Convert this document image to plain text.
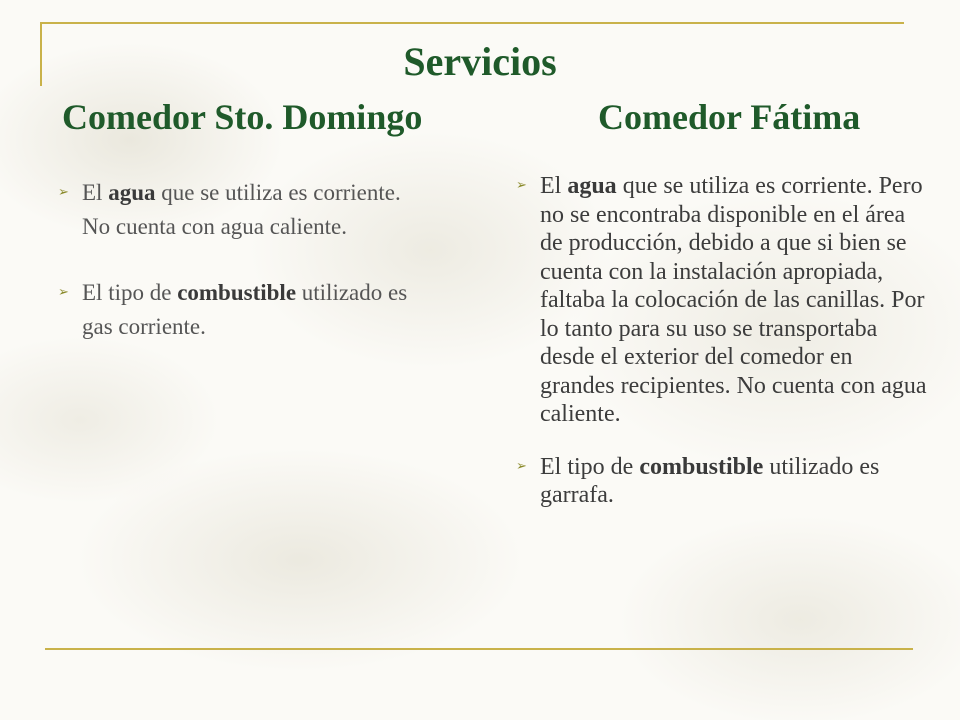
Servicios
Comedor Sto. Domingo	Comedor Fátima
➢ El agua que se utiliza es corriente. No cuenta con agua caliente.
➢ El tipo de combustible utilizado es gas corriente.
➢ El agua que se utiliza es corriente. Pero no se encontraba disponible en el área de producción, debido a que si bien se cuenta con la instalación apropiada, faltaba la colocación de las canillas. Por lo tanto para su uso se transportaba desde el exterior del comedor en grandes recipientes. No cuenta con agua caliente.
➢ El tipo de combustible utilizado es garrafa.
